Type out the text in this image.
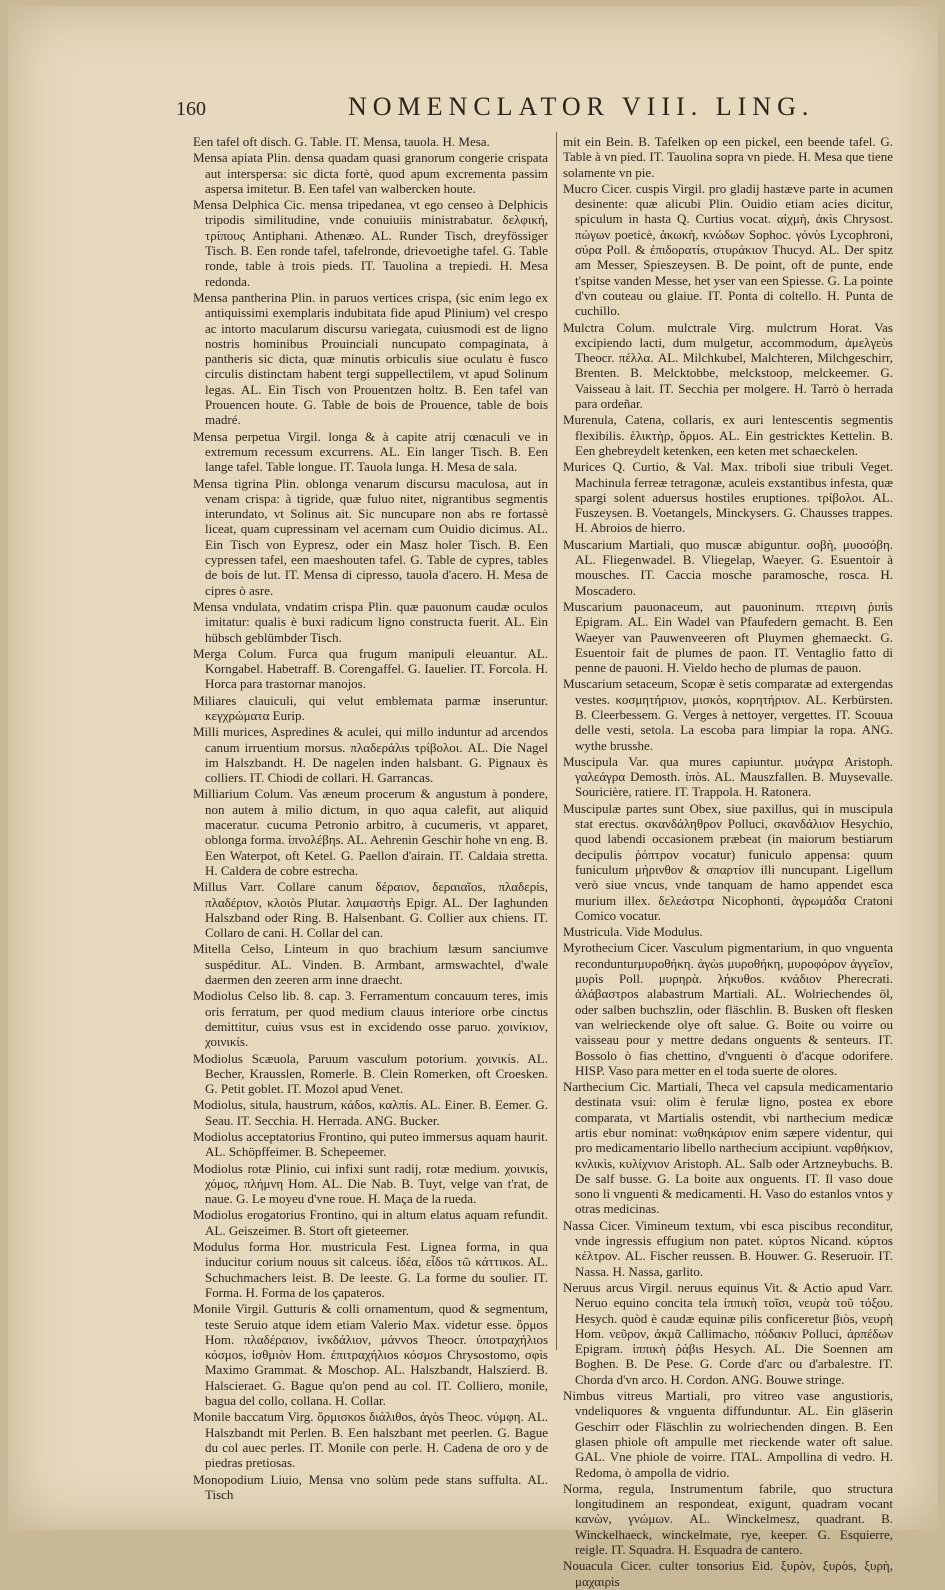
160	NOMENCLATOR VIII. LING.

Een tafel oft disch. G. Table. IT. Mensa, tauola. H. Mesa.

Mensa apiata Plin. densa quadam quasi granorum congerie crispata aut interspersa: sic dicta fortè, quod apum excrementa passim aspersa imitetur. B. Een tafel van walbercken houte.

Mensa Delphica Cic. mensa tripedanea, vt ego censeo à Delphicis tripodis similitudine, vnde conuiuiis ministrabatur. δελφική, τρίπους Antiphani. Athenæo. AL. Runder Tisch, dreyfössiger Tisch. B. Een ronde tafel, tafelronde, drievoetighe tafel. G. Table ronde, table à trois pieds. IT. Tauolina a trepiedi. H. Mesa redonda.

Mensa pantherina Plin. in paruos vertices crispa, (sic enim lego ex antiquissimi exemplaris indubitata fide apud Plinium) vel crespo ac intorto macularum discursu variegata, cuiusmodi est de ligno nostris hominibus Prouinciali nuncupato compaginata, à pantheris sic dicta, quæ minutis orbiculis siue oculatu è fusco circulis distinctam habent tergi suppellectilem, vt apud Solinum legas. AL. Ein Tisch von Prouentzen holtz. B. Een tafel van Prouencen houte. G. Table de bois de Prouence, table de bois madré.

Mensa perpetua Virgil. longa & à capite atrij cœnaculi ve in extremum recessum excurrens. AL. Ein langer Tisch. B. Een lange tafel. Table longue. IT. Tauola lunga. H. Mesa de sala.

Mensa tigrina Plin. oblonga venarum discursu maculosa, aut in venam crispa: à tigride, quæ fuluo nitet, nigrantibus segmentis interundato, vt Solinus ait. Sic nuncupare non abs re fortassè liceat, quam cupressinam vel acernam cum Ouidio dicimus. AL. Ein Tisch von Eypresz, oder ein Masz holer Tisch. B. Een cypressen tafel, een maeshouten tafel. G. Table de cypres, tables de bois de lut. IT. Mensa di cipresso, tauola d'acero. H. Mesa de cipres ò asre.

Mensa vndulata, vndatim crispa Plin. quæ pauonum caudæ oculos imitatur: qualis è buxi radicum ligno constructa fuerit. AL. Ein hübsch geblümbder Tisch.

Merga Colum. Furca qua frugum manipuli eleuantur. AL. Korngabel. Habetraff. B. Corengaffel. G. Iauelier. IT. Forcola. H. Horca para trastornar manojos.

Miliares clauiculi, qui velut emblemata parmæ inseruntur. κεγχρώματα Eurip.

Milli murices, Aspredines & aculei, qui millo induntur ad arcendos canum irruentium morsus. πλαδεράλιs τρίβολοι. AL. Die Nagel im Halszbandt. H. De nagelen inden halsbant. G. Pignaux ès colliers. IT. Chiodi de collari. H. Garrancas.

Milliarium Colum. Vas æneum procerum & angustum à pondere, non autem à milio dictum, in quo aqua calefit, aut aliquid maceratur. cucuma Petronio arbitro, à cucumeris, vt apparet, oblonga forma. ἰπνολέβηs. AL. Aehrenin Geschir hohe vn eng. B. Een Waterpot, oft Ketel. G. Paellon d'airain. IT. Caldaia stretta. H. Caldera de cobre estrecha.

Millus Varr. Collare canum δέραιον, δεραιαῖοs, πλαδερίs, πλαδέριον, κλοιὸs Plutar. λαιμαστὴs Epigr. AL. Der Iaghunden Halszband oder Ring. B. Halsenbant. G. Collier aux chiens. IT. Collaro de cani. H. Collar del can.

Mitella Celso, Linteum in quo brachium læsum sanciumve suspéditur. AL. Vinden. B. Armbant, armswachtel, d'wale daermen den zeeren arm inne draecht.

Modiolus Celso lib. 8. cap. 3. Ferramentum concauum teres, imis oris ferratum, per quod medium clauus interiore orbe cinctus demittitur, cuius vsus est in excidendo osse paruo. χοινίκιον, χοινικίs.

Modiolus Scæuola, Paruum vasculum potorium. χοινικίs. AL. Becher, Krausslen, Romerle. B. Clein Romerken, oft Croesken. G. Petit goblet. IT. Mozol apud Venet.

Modiolus, situla, haustrum, κάδοs, καλπίs. AL. Einer. B. Eemer. G. Seau. IT. Secchia. H. Herrada. ANG. Bucker.

Modiolus acceptatorius Frontino, qui puteo immersus aquam haurit. AL. Schöpffeimer. B. Schepeemer.

Modiolus rotæ Plinio, cui infixi sunt radij, rotæ medium. χοινικίs, χόμος, πλήμνη Hom. AL. Die Nab. B. Tuyt, velge van t'rat, de naue. G. Le moyeu d'vne roue. H. Maça de la rueda.

Modiolus erogatorius Frontino, qui in altum elatus aquam refundit. AL. Geiszeimer. B. Stort oft gieteemer.

Modulus forma Hor. mustricula Fest. Lignea forma, in qua inducitur corium nouus sit calceus. ἰδέα, εἶδοs τῶ κάττικοs. AL. Schuchmachers leist. B. De leeste. G. La forme du soulier. IT. Forma. H. Forma de los çapateros.

Monile Virgil. Gutturis & colli ornamentum, quod & segmentum, teste Seruio atque idem etiam Valerio Max. videtur esse. ὅρμοs Hom. πλαδέραιον, ἱνκδάλιον, μάννοs Theocr. ὑποτραχήλιοs κόσμοs, ἰσθμιὸν Hom. ἐπιτραχήλιοs κόσμοs Chrysostomo, σφὶs Maximo Grammat. & Moschop. AL. Halszbandt, Halszierd. B. Halscieraet. G. Bague qu'on pend au col. IT. Colliero, monile, bagua del collo, collana. H. Collar.

Monile baccatum Virg. ὅρμισκοs διάλιθοs, ἀγὸs Theoc. νύμφη. AL. Halszbandt mit Perlen. B. Een halszbant met peerlen. G. Bague du col auec perles. IT. Monile con perle. H. Cadena de oro y de piedras pretiosas.

Monopodium Liuio, Mensa vno solùm pede stans suffulta. AL. Tisch

mit ein Bein. B. Tafelken op een pickel, een beende tafel. G. Table à vn pied. IT. Tauolina sopra vn piede. H. Mesa que tiene solamente vn pie.

Mucro Cicer. cuspis Virgil. pro gladij hastæve parte in acumen desinente: quæ alicubi Plin. Ouidio etiam acies dicitur, spiculum in hasta Q. Curtius vocat. αἰχμὴ, ἀκὶs Chrysost. πώγων poeticè, ἀκωκὴ, κνώδων Sophoc. γόνὺs Lycophroni, σύρα Poll. & ἐπιδορατίs, στυράκιον Thucyd. AL. Der spitz am Messer, Spieszeysen. B. De point, oft de punte, ende t'spitse vanden Messe, het yser van een Spiesse. G. La pointe d'vn couteau ou glaiue. IT. Ponta di coltello. H. Punta de cuchillo.

Mulctra Colum. mulctrale Virg. mulctrum Horat. Vas excipiendo lacti, dum mulgetur, accommodum, ἀμελγεὺs Theocr. πέλλα. AL. Milchkubel, Malchteren, Milchgeschirr, Brenten. B. Melcktobbe, melckstoop, melckeemer. G. Vaisseau à lait. IT. Secchia per molgere. H. Tarrò ò herrada para ordeñar.

Murenula, Catena, collaris, ex auri lentescentis segmentis flexibilis. ἑλικτὴρ, ὅρμοs. AL. Ein gestricktes Kettelin. B. Een ghebreydelt ketenken, een keten met schaeckelen.

Murices Q. Curtio, & Val. Max. triboli siue tribuli Veget. Machinula ferreæ tetragonæ, aculeis exstantibus infesta, quæ spargi solent aduersus hostiles eruptiones. τρίβολοι. AL. Fuszeysen. B. Voetangels, Minckysers. G. Chausses trappes. H. Abroios de hierro.

Muscarium Martiali, quo muscæ abiguntur. σοβὴ, μυοσόβη. AL. Fliegenwadel. B. Vliegelap, Waeyer. G. Esuentoir à mousches. IT. Caccia mosche paramosche, rosca. H. Moscadero.

Muscarium pauonaceum, aut pauoninum. πτερινη ῥιπὶs Epigram. AL. Ein Wadel van Pfaufedern gemacht. B. Een Waeyer van Pauwenveeren oft Pluymen ghemaeckt. G. Esuentoir fait de plumes de paon. IT. Ventaglio fatto di penne de pauoni. H. Vieldo hecho de plumas de pauon.

Muscarium setaceum, Scopæ è setis comparatæ ad extergendas vestes. κοσμητήριον, μισκὸs, κορητήριον. AL. Kerbürsten. B. Cleerbessem. G. Verges à nettoyer, vergettes. IT. Scouua delle vesti, setola. La escoba para limpiar la ropa. ANG. wythe brusshe.

Muscipula Var. qua mures capiuntur. μυάγρα Aristoph. γαλεάγρα Demosth. ἰπὸs. AL. Mauszfallen. B. Muysevalle. Souricière, ratiere. IT. Trappola. H. Ratonera.

Muscipulæ partes sunt Obex, siue paxillus, qui in muscipula stat erectus. σκανδάληθρον Polluci, σκανδάλιον Hesychio, quod labendi occasionem præbeat (in maiorum bestiarum decipulis ῥόπτρον vocatur) funiculo appensa: quum funiculum μήρινθον & σπαρτίον illi nuncupant. Ligellum verò siue vncus, vnde tanquam de hamo appendet esca murium illex. δελεάστρα Nicophonti, ἀγρωμάδα Cratoni Comico vocatur.

Mustricula. Vide Modulus.

Myrothecium Cicer. Vasculum pigmentarium, in quo vnguenta recondunturμυροθήκη. ἀγὼs μυροθήκη, μυροφόρον ἀγγεῖον, μυρὶs Poll. μυρηρὰ. λήκυθοs. κνάδιον Pherecrati. ἀλάβαστροs alabastrum Martiali. AL. Wolriechendes öl, oder salben buchszlin, oder fläschlin. B. Busken oft flesken van welrieckende olye oft salue. G. Boite ou voirre ou vaisseau pour y mettre dedans onguents & senteurs. IT. Bossolo ò fias chettino, d'vnguenti ò d'acque odorifere. HISP. Vaso para metter en el toda suerte de olores.

Narthecium Cic. Martiali, Theca vel capsula medicamentario destinata vsui: olim è ferulæ ligno, postea ex ebore comparata, vt Martialis ostendit, vbi narthecium medicæ artis ebur nominat: νωθηκάριον enim sæpere videntur, qui pro medicamentario libello narthecium accipiunt. ναρθήκιον, κνλικὶs, κυλίχνιον Aristoph. AL. Salb oder Artzneybuchs. B. De salf busse. G. La boite aux onguents. IT. Il vaso doue sono li vnguenti & medicamenti. H. Vaso do estanlos vntos y otras medicinas.

Nassa Cicer. Vimineum textum, vbi esca piscibus reconditur, vnde ingressis effugium non patet. κύρτοs Nicand. κύρτοs κέλτρον. AL. Fischer reussen. B. Houwer. G. Reseruoir. IT. Nassa. H. Nassa, garlito.

Neruus arcus Virgil. neruus equinus Vit. & Actio apud Varr. Neruo equino concita tela ἱππικὴ τοῖσι, νευρὰ τοῦ τόξου. Hesych. quòd è caudæ equinæ pilis conficeretur βιὸs, νευρὴ Hom. νεῦρον, ἀκμᾶ Callimacho, πόδακιν Polluci, ἀρπέδων Epigram. ἱππικὴ ῥάβιs Hesych. AL. Die Soennen am Boghen. B. De Pese. G. Corde d'arc ou d'arbalestre. IT. Chorda d'vn arco. H. Cordon. ANG. Bouwe stringe.

Nimbus vitreus Martiali, pro vitreo vase angustioris, vndeliquores & vnguenta diffunduntur. AL. Ein gläserin Geschirr oder Fläschlin zu wolriechenden dingen. B. Een glasen phiole oft ampulle met rieckende water oft salue. GAL. Vne phiole de voirre. ITAL. Ampollina di vedro. H. Redoma, ò ampolla de vidrio.

Norma, regula, Instrumentum fabrile, quo structura longitudinem an respondeat, exigunt, quadram vocant κανὼν, γνώμων. AL. Winckelmesz, quadrant. B. Winckelhaeck, winckelmate, rye, keeper. G. Esquierre, reigle. IT. Squadra. H. Esquadra de cantero.

Nouacula Cicer. culter tonsorius Eid. ξυρὸν, ξυρὸs, ξυρὴ, μαχαιρὶs
